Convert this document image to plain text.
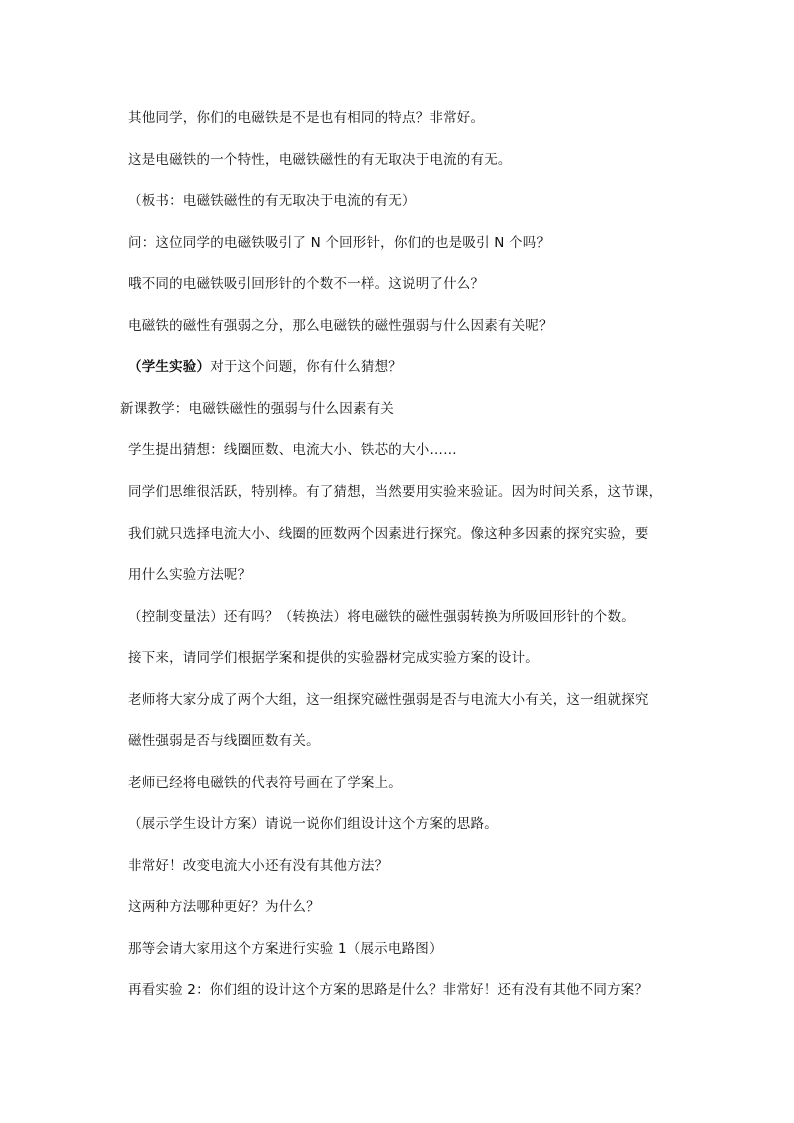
其他同学，你们的电磁铁是不是也有相同的特点？非常好。
这是电磁铁的一个特性，电磁铁磁性的有无取决于电流的有无。
（板书：电磁铁磁性的有无取决于电流的有无）
问：这位同学的电磁铁吸引了 N 个回形针，你们的也是吸引 N 个吗？
哦不同的电磁铁吸引回形针的个数不一样。这说明了什么？
电磁铁的磁性有强弱之分，那么电磁铁的磁性强弱与什么因素有关呢？
（学生实验）对于这个问题，你有什么猜想？
新课教学：电磁铁磁性的强弱与什么因素有关
学生提出猜想：线圈匝数、电流大小、铁芯的大小……
同学们思维很活跃，特别棒。有了猜想，当然要用实验来验证。因为时间关系，这节课，
我们就只选择电流大小、线圈的匝数两个因素进行探究。像这种多因素的探究实验，要
用什么实验方法呢？
（控制变量法）还有吗？（转换法）将电磁铁的磁性强弱转换为所吸回形针的个数。
接下来，请同学们根据学案和提供的实验器材完成实验方案的设计。
老师将大家分成了两个大组，这一组探究磁性强弱是否与电流大小有关，这一组就探究
磁性强弱是否与线圈匝数有关。
老师已经将电磁铁的代表符号画在了学案上。
（展示学生设计方案）请说一说你们组设计这个方案的思路。
非常好！改变电流大小还有没有其他方法？
这两种方法哪种更好？为什么？
那等会请大家用这个方案进行实验 1（展示电路图）
再看实验 2：你们组的设计这个方案的思路是什么？非常好！还有没有其他不同方案？
